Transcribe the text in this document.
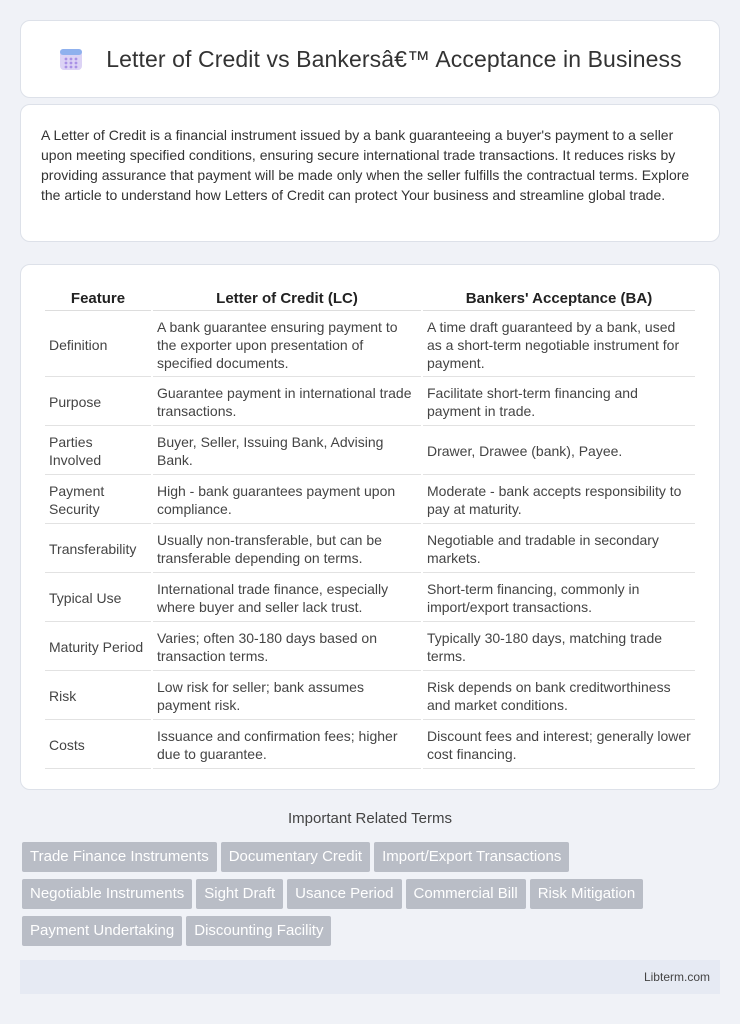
Letter of Credit vs Bankersâ€™ Acceptance in Business

A Letter of Credit is a financial instrument issued by a bank guaranteeing a buyer's payment to a seller upon meeting specified conditions, ensuring secure international trade transactions. It reduces risks by providing assurance that payment will be made only when the seller fulfills the contractual terms. Explore the article to understand how Letters of Credit can protect Your business and streamline global trade.

Feature	Letter of Credit (LC)	Bankers' Acceptance (BA)
Definition	A bank guarantee ensuring payment to the exporter upon presentation of specified documents.	A time draft guaranteed by a bank, used as a short-term negotiable instrument for payment.
Purpose	Guarantee payment in international trade transactions.	Facilitate short-term financing and payment in trade.
Parties Involved	Buyer, Seller, Issuing Bank, Advising Bank.	Drawer, Drawee (bank), Payee.
Payment Security	High - bank guarantees payment upon compliance.	Moderate - bank accepts responsibility to pay at maturity.
Transferability	Usually non-transferable, but can be transferable depending on terms.	Negotiable and tradable in secondary markets.
Typical Use	International trade finance, especially where buyer and seller lack trust.	Short-term financing, commonly in import/export transactions.
Maturity Period	Varies; often 30-180 days based on transaction terms.	Typically 30-180 days, matching trade terms.
Risk	Low risk for seller; bank assumes payment risk.	Risk depends on bank creditworthiness and market conditions.
Costs	Issuance and confirmation fees; higher due to guarantee.	Discount fees and interest; generally lower cost financing.
Important Related Terms
Trade Finance Instruments Documentary Credit Import/Export Transactions
Negotiable Instruments Sight Draft Usance Period Commercial Bill Risk Mitigation
Payment Undertaking Discounting Facility
Libterm.com
